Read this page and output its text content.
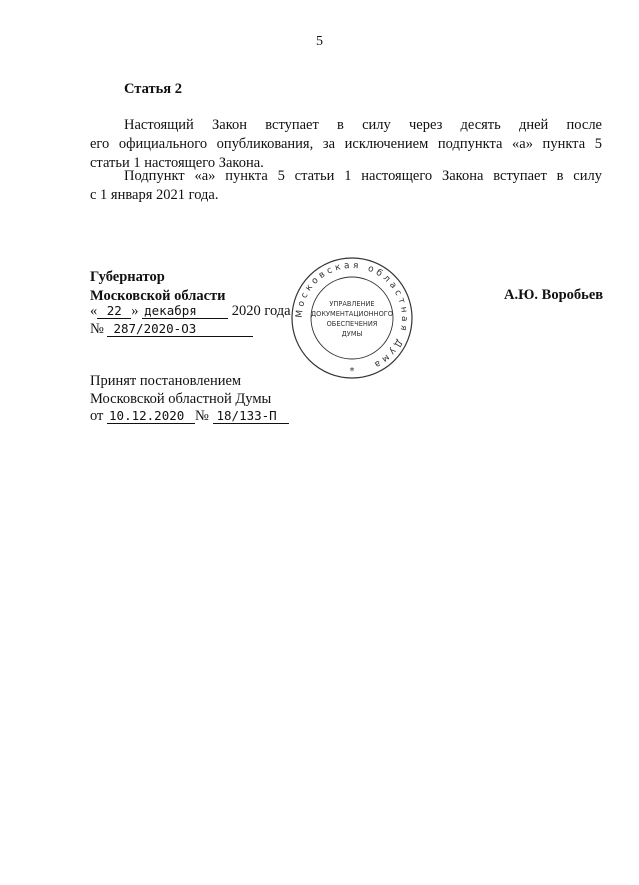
5
Статья 2
Настоящий Закон вступает в силу через десять дней после
его официального опубликования, за исключением подпункта «а» пункта 5
статьи 1 настоящего Закона.
Подпункт «а» пункта 5 статьи 1 настоящего Закона вступает в силу
с 1 января 2021 года.
Губернатор
Московской области	А.Ю. Воробьев
« 22 » декабря 2020 года
№ 287/2020-ОЗ
Московская областная Дума
УПРАВЛЕНИЕ
ДОКУМЕНТАЦИОННОГО
ОБЕСПЕЧЕНИЯ
ДУМЫ
*
Принят постановлением
Московской областной Думы
от 10.12.2020 № 18/133-П
